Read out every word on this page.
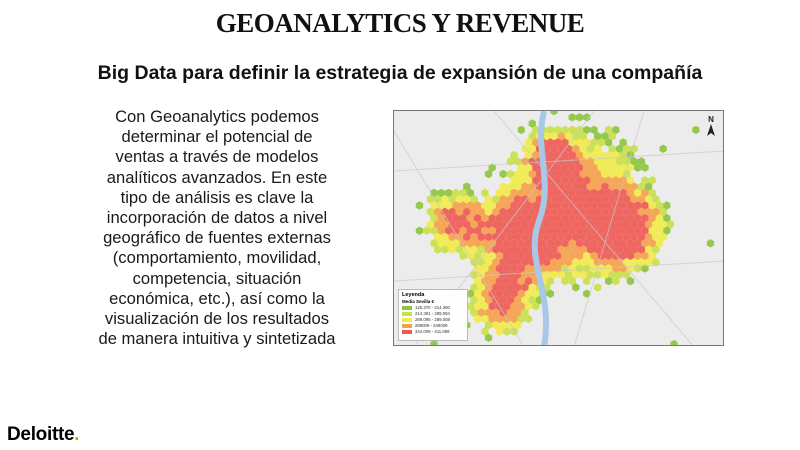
GEOANALYTICS Y REVENUE
Big Data para definir la estrategia de expansión de una compañía
Con Geoanalytics podemos
determinar el potencial de
ventas a través de modelos
analíticos avanzados. En este
tipo de análisis es clave la
incorporación de datos a nivel
geográfico de fuentes externas
(comportamiento, movilidad,
competencia, situación
económica, etc.), así como la
visualización de los resultados
de manera intuitiva y sintetizada
N
Leyenda
Media Sevilla €
125.370 - 214.390
214.391 - 289.094
289.095 - 289.008
289009 - 349009
344.009 - 411.098
Deloitte.
